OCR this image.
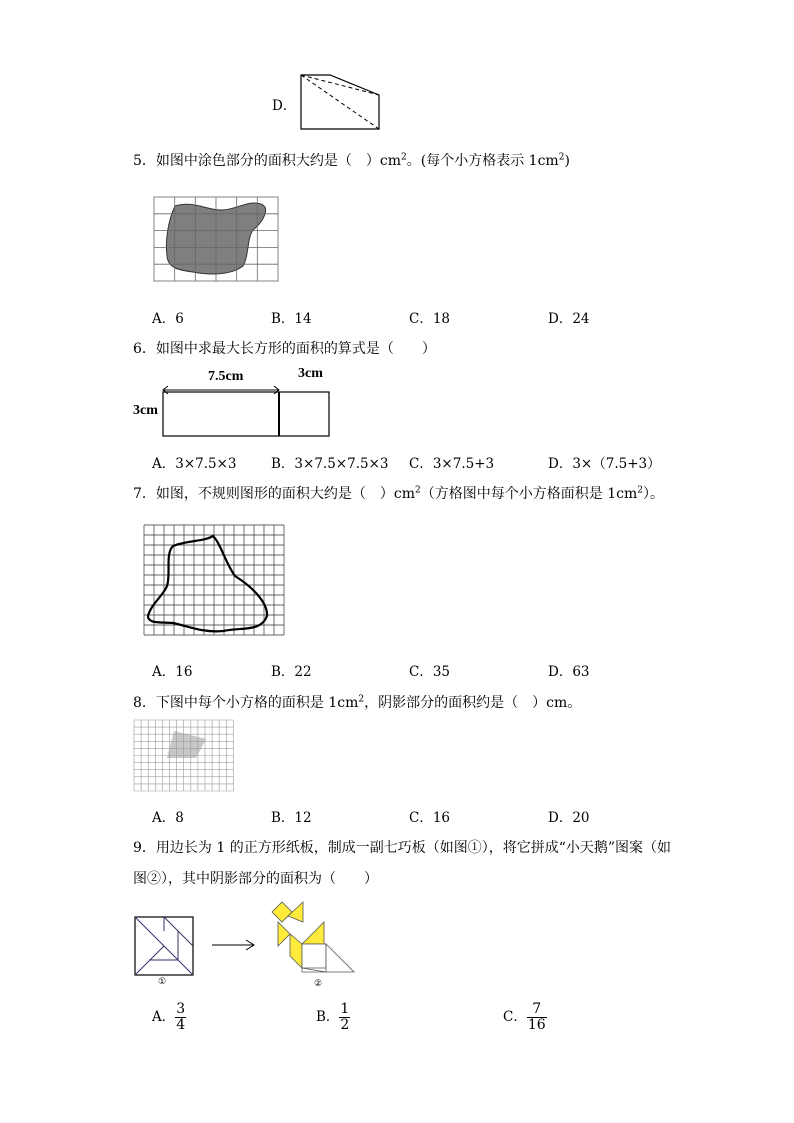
D．
5．如图中涂色部分的面积大约是（　）$cm^2$。(每个小方格表示 $1cm^2$)
A．6	B．14	C．18	D．24
6．如图中求最大长方形的面积的算式是（　　）
7.5cm	3cm
3cm
A．3×7.5×3	B．3×7.5×7.5×3 C．3×7.5+3	D．3×（7.5+3）
7．如图，不规则图形的面积大约是（　）$cm^2$（方格图中每个小方格面积是 $1cm^2$）。
A．16	B．22	C．35	D．63
8．下图中每个小方格的面积是 $1cm^2$，阴影部分的面积约是（　）cm。
A．8	B．12	C．16	D．20
9．用边长为 1 的正方形纸板，制成一副七巧板（如图①），将它拼成“小天鹅”图案（如
图②），其中阴影部分的面积为（　　）
①	②
A． $\frac{3}{4}$	B． $\frac{1}{2}$	C． $\frac{7}{16}$
